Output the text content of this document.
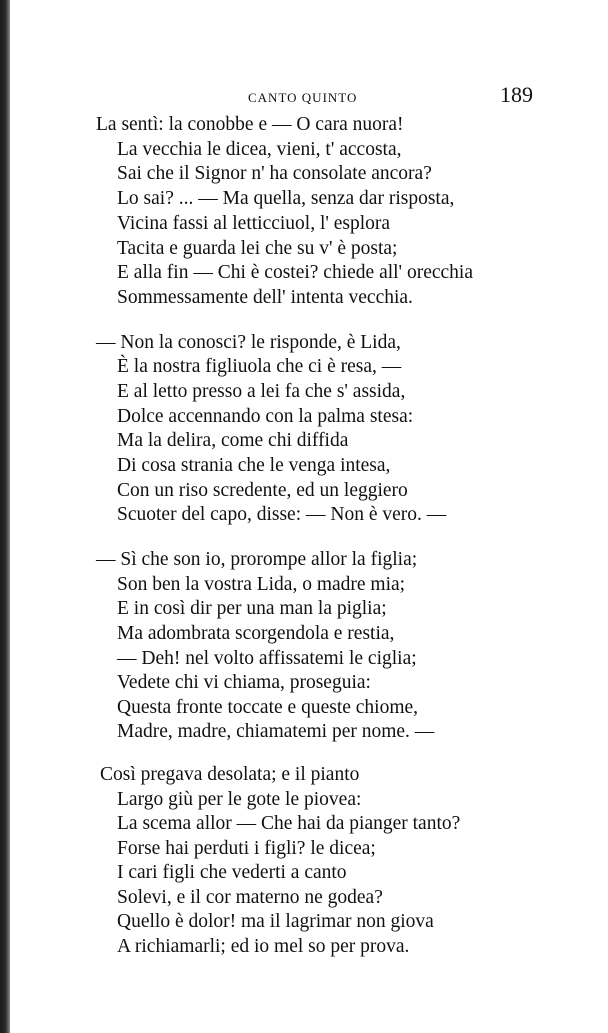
CANTO QUINTO	189
La sentì: la conobbe e — O cara nuora!
La vecchia le dicea, vieni, t' accosta,
Sai che il Signor n' ha consolate ancora?
Lo sai? ... — Ma quella, senza dar risposta,
Vicina fassi al letticciuol, l' esplora
Tacita e guarda lei che su v' è posta;
E alla fin — Chi è costei? chiede all' orecchia
Sommessamente dell' intenta vecchia.
— Non la conosci? le risponde, è Lida,
È la nostra figliuola che ci è resa, —
E al letto presso a lei fa che s' assida,
Dolce accennando con la palma stesa:
Ma la delira, come chi diffida
Di cosa strania che le venga intesa,
Con un riso scredente, ed un leggiero
Scuoter del capo, disse: — Non è vero. —
— Sì che son io, prorompe allor la figlia;
Son ben la vostra Lida, o madre mia;
E in così dir per una man la piglia;
Ma adombrata scorgendola e restia,
— Deh! nel volto affissatemi le ciglia;
Vedete chi vi chiama, proseguia:
Questa fronte toccate e queste chiome,
Madre, madre, chiamatemi per nome. —
Così pregava desolata; e il pianto
Largo giù per le gote le piovea:
La scema allor — Che hai da pianger tanto?
Forse hai perduti i figli? le dicea;
I cari figli che vederti a canto
Solevi, e il cor materno ne godea?
Quello è dolor! ma il lagrimar non giova
A richiamarli; ed io mel so per prova.
